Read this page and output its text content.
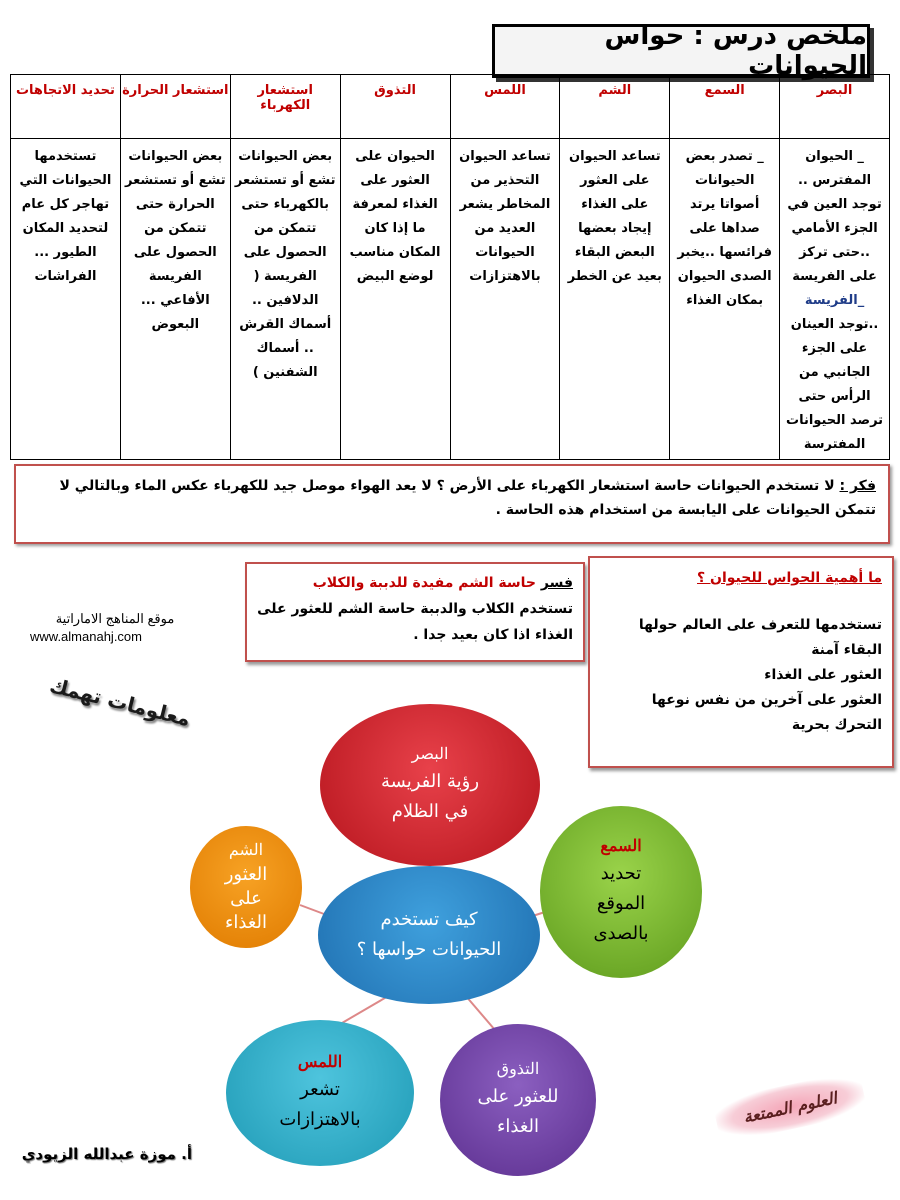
ملخص درس : حواس الحيوانات
البصر	السمع	الشم	اللمس	التذوق	استشعار الكهرباء	استشعار الحرارة	تحديد الاتجاهات
_ الحيوان المفترس .. توجد العين في الجزء الأمامي ..حتى تركز على الفريسة _الفريسة ..توجد العينان على الجزء الجانبي من الرأس حتى ترصد الحيوانات المفترسة	_ تصدر بعض الحيوانات أصواتا يرتد صداها على فرائسها ..يخبر الصدى الحيوان بمكان الغذاء	تساعد الحيوان على العثور على الغذاء إيجاد بعضها البعض البقاء بعيد عن الخطر	تساعد الحيوان التحذير من المخاطر يشعر العديد من الحيوانات بالاهتزازات	الحيوان على العثور على الغذاء لمعرفة ما إذا كان المكان مناسب لوضع البيض	بعض الحيوانات تشع أو تستشعر بالكهرباء حتى تتمكن من الحصول على الفريسة ( الدلافين .. أسماك القرش .. أسماك الشفنين )	بعض الحيوانات تشع أو تستشعر الحرارة حتى تتمكن من الحصول على الفريسة الأفاعي ... البعوض	تستخدمها الحيوانات التي تهاجر كل عام لتحديد المكان الطيور ... الفراشات
فكر : لا تستخدم الحيوانات حاسة استشعار الكهرباء على الأرض ؟ لا يعد الهواء موصل جيد للكهرباء عكس الماء وبالتالي لا تتمكن الحيوانات على اليابسة من استخدام هذه الحاسة .
فسر حاسة الشم مفيدة للدببة والكلاب
تستخدم الكلاب والدببة حاسة الشم للعثور على الغذاء اذا كان بعيد جدا .
ما أهمية الحواس للحيوان ؟
تستخدمها للتعرف على العالم حولها
البقاء آمنة
العثور على الغذاء
العثور على آخرين من نفس نوعها
التحرك بحرية
موقع المناهج الاماراتية
www.almanahj.com
معلومات تهمك
البصر
رؤية الفريسة
في الظلام
الشم
العثور
على
الغذاء	كيف تستخدم الحيوانات حواسها ؟
السمع
تحديد
الموقع
بالصدى
اللمس
تشعر
بالاهتزازات
التذوق
للعثور على
الغذاء
أ. موزة عبدالله الزيودي
العلوم الممتعة
